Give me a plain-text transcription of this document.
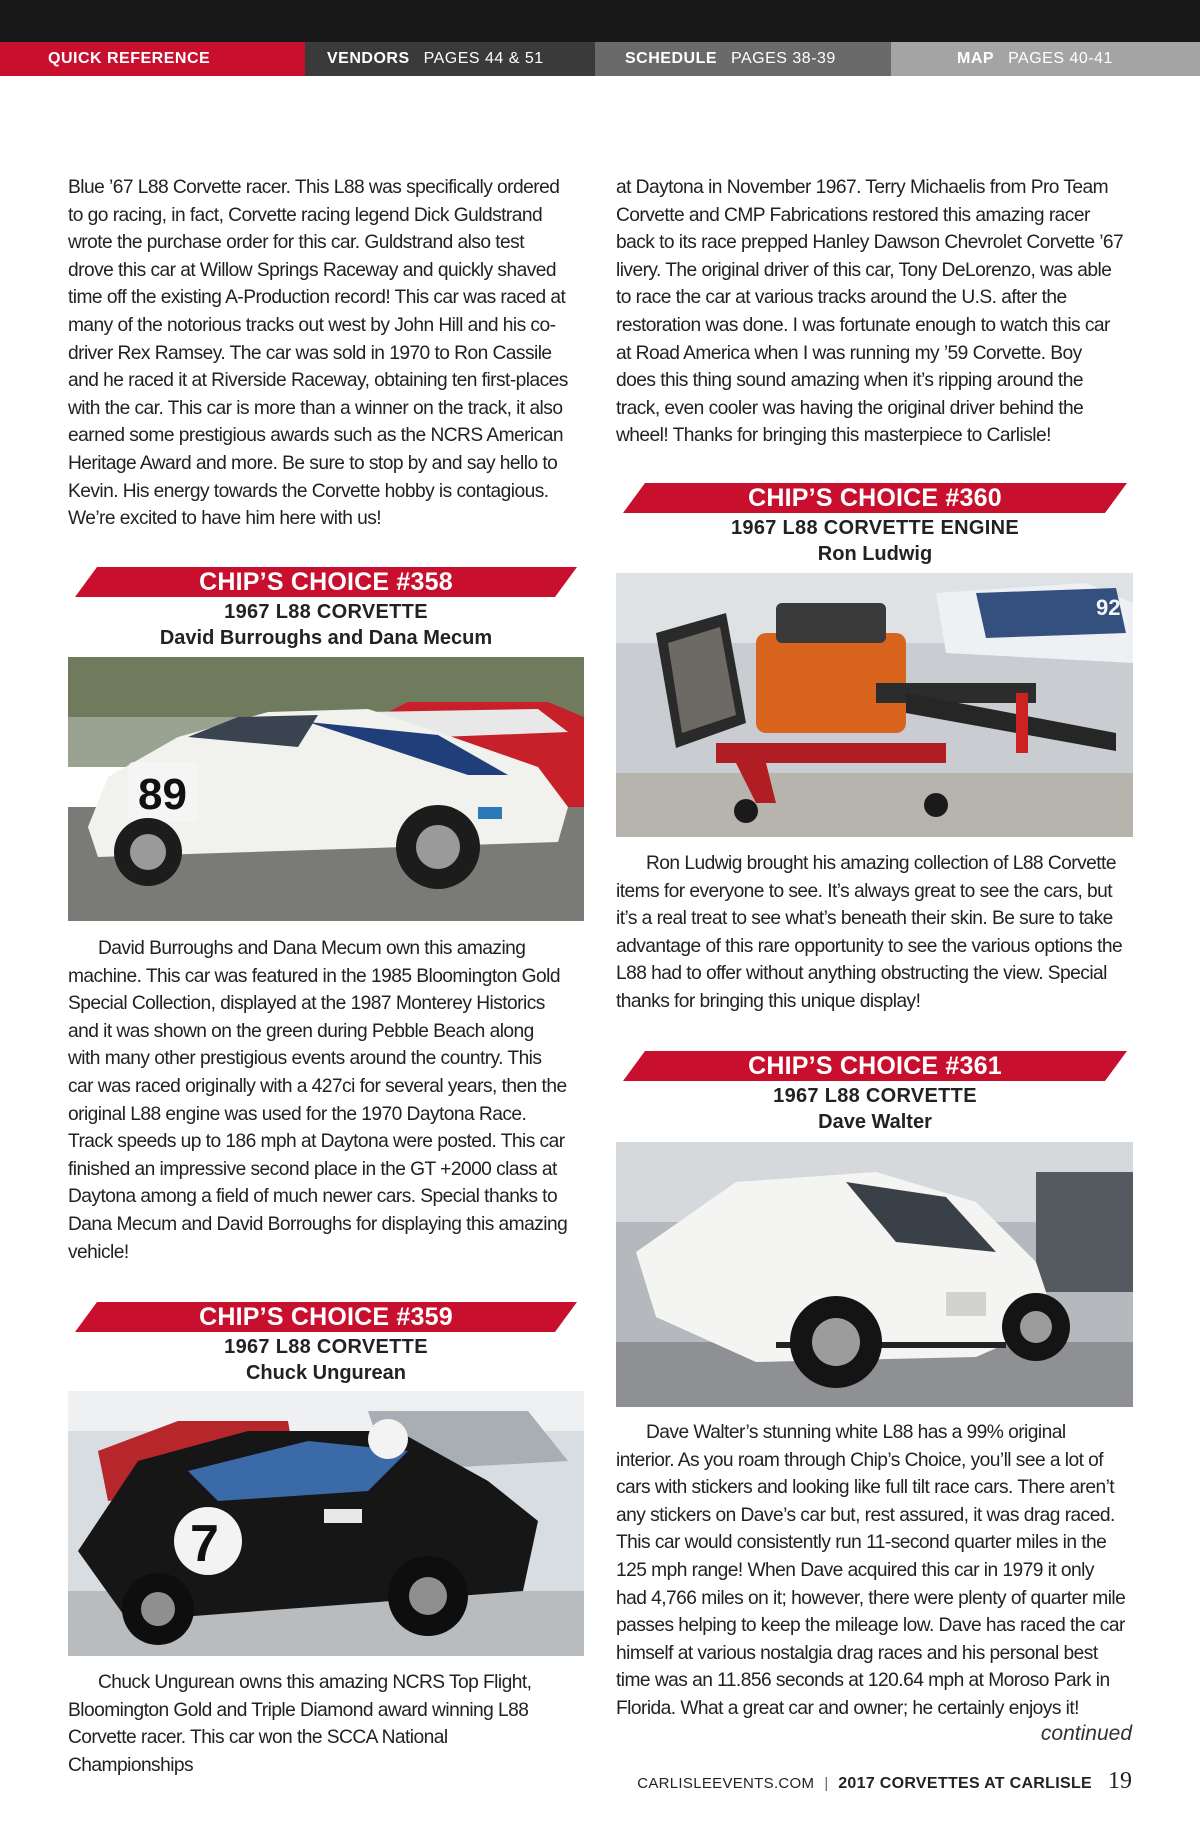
QUICK REFERENCE	VENDORS PAGES 44 & 51	SCHEDULE PAGES 38-39	MAP PAGES 40-41

Blue ’67 L88 Corvette racer. This L88 was specifically ordered to go racing, in fact, Corvette racing legend Dick Guldstrand wrote the purchase order for this car. Guldstrand also test drove this car at Willow Springs Raceway and quickly shaved time off the existing A-Production record! This car was raced at many of the notorious tracks out west by John Hill and his co-driver Rex Ramsey. The car was sold in 1970 to Ron Cassile and he raced it at Riverside Raceway, obtaining ten first-places with the car. This car is more than a winner on the track, it also earned some prestigious awards such as the NCRS American Heritage Award and more. Be sure to stop by and say hello to Kevin. His energy towards the Corvette hobby is contagious. We’re excited to have him here with us!

CHIP’S CHOICE #358
1967 L88 CORVETTE
David Burroughs and Dana Mecum
89

David Burroughs and Dana Mecum own this amazing machine. This car was featured in the 1985 Bloomington Gold Special Collection, displayed at the 1987 Monterey Historics and it was shown on the green during Pebble Beach along with many other prestigious events around the country. This car was raced originally with a 427ci for several years, then the original L88 engine was used for the 1970 Daytona Race. Track speeds up to 186 mph at Daytona were posted. This car finished an impressive second place in the GT +2000 class at Daytona among a field of much newer cars. Special thanks to Dana Mecum and David Borroughs for displaying this amazing vehicle!

CHIP’S CHOICE #359
1967 L88 CORVETTE
Chuck Ungurean
7

Chuck Ungurean owns this amazing NCRS Top Flight, Bloomington Gold and Triple Diamond award winning L88 Corvette racer. This car won the SCCA National Championships

at Daytona in November 1967. Terry Michaelis from Pro Team Corvette and CMP Fabrications restored this amazing racer back to its race prepped Hanley Dawson Chevrolet Corvette ’67 livery. The original driver of this car, Tony DeLorenzo, was able to race the car at various tracks around the U.S. after the restoration was done. I was fortunate enough to watch this car at Road America when I was running my ’59 Corvette. Boy does this thing sound amazing when it’s ripping around the track, even cooler was having the original driver behind the wheel! Thanks for bringing this masterpiece to Carlisle!

CHIP’S CHOICE #360
1967 L88 CORVETTE ENGINE
Ron Ludwig
92

Ron Ludwig brought his amazing collection of L88 Corvette items for everyone to see. It’s always great to see the cars, but it’s a real treat to see what’s beneath their skin. Be sure to take advantage of this rare opportunity to see the various options the L88 had to offer without anything obstructing the view. Special thanks for bringing this unique display!

CHIP’S CHOICE #361
1967 L88 CORVETTE
Dave Walter

Dave Walter’s stunning white L88 has a 99% original interior. As you roam through Chip’s Choice, you’ll see a lot of cars with stickers and looking like full tilt race cars. There aren’t any stickers on Dave’s car but, rest assured, it was drag raced. This car would consistently run 11-second quarter miles in the 125 mph range! When Dave acquired this car in 1979 it only had 4,766 miles on it; however, there were plenty of quarter mile passes helping to keep the mileage low. Dave has raced the car himself at various nostalgia drag races and his personal best time was an 11.856 seconds at 120.64 mph at Moroso Park in Florida. What a great car and owner; he certainly enjoys it!

continued
CARLISLEEVENTS.COM | 2017 CORVETTES AT CARLISLE 19
